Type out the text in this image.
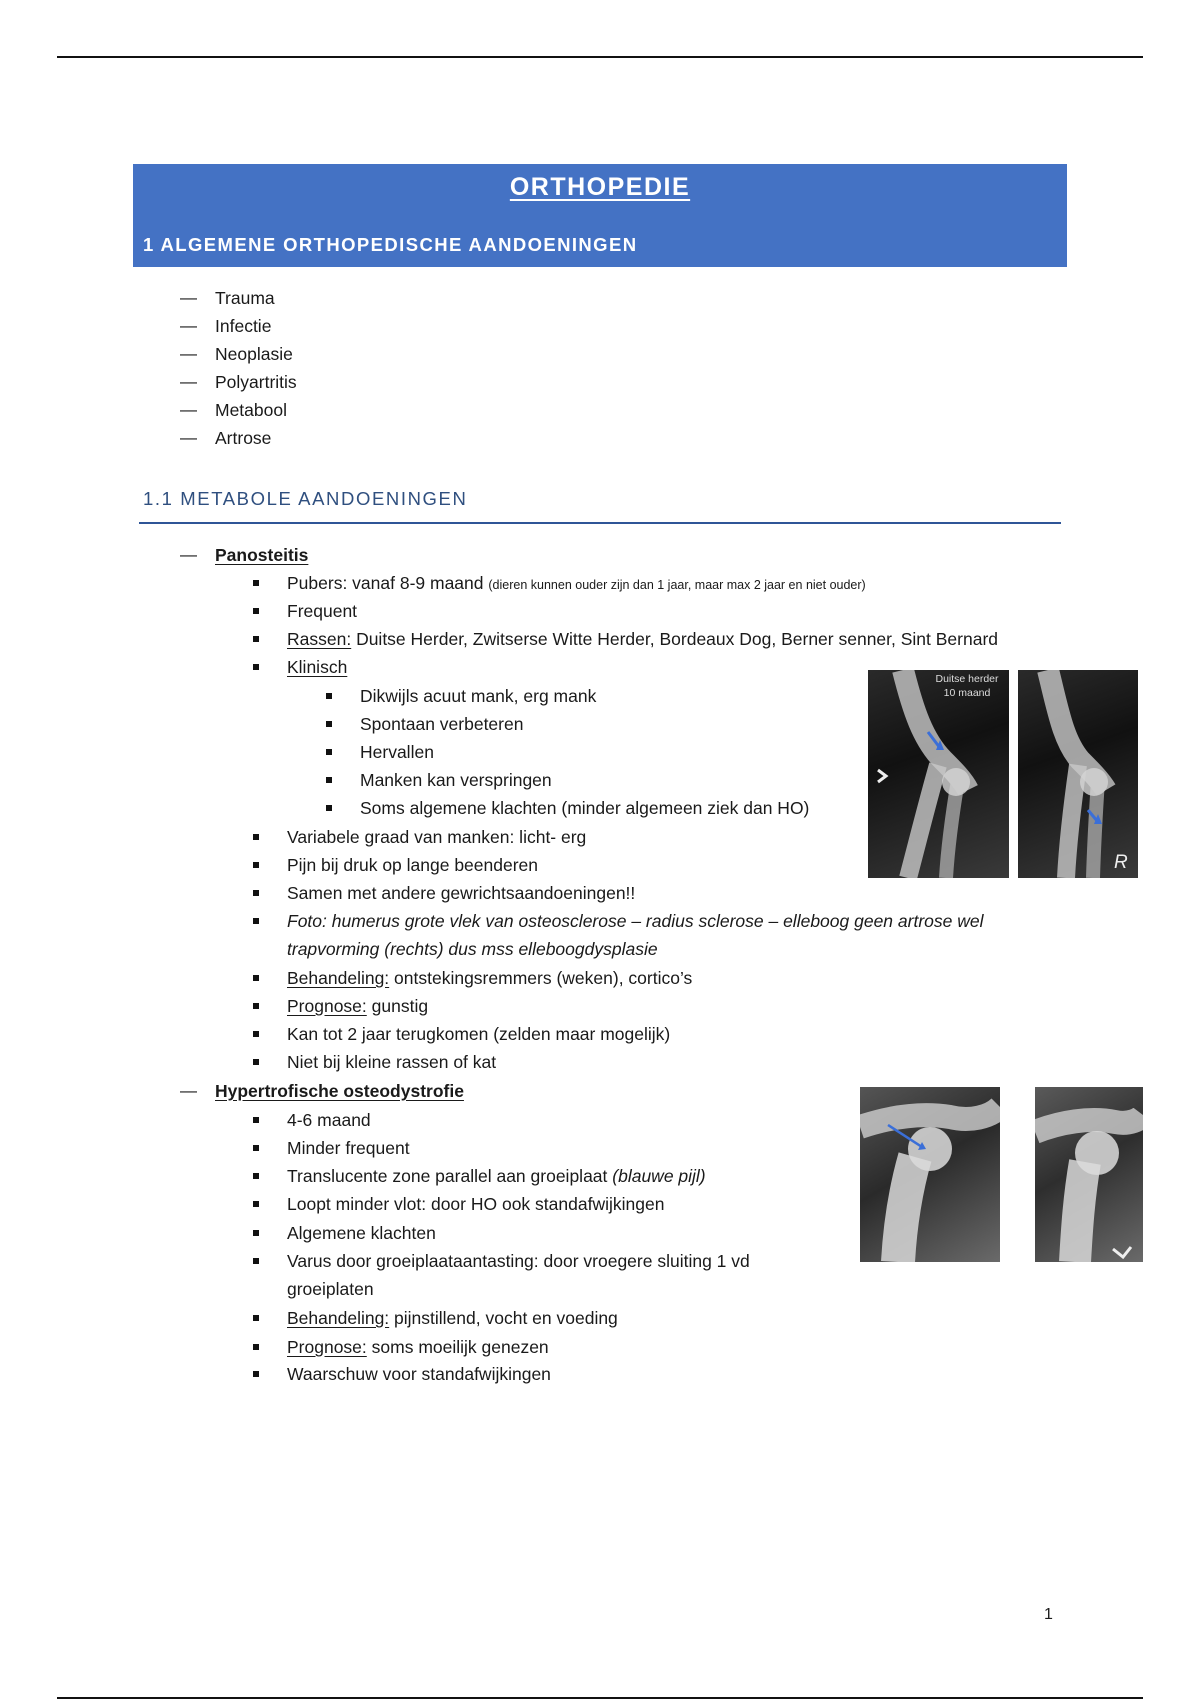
ORTHOPEDIE
1 ALGEMENE ORTHOPEDISCHE AANDOENINGEN
— Trauma
— Infectie
— Neoplasie
— Polyartritis
— Metabool
— Artrose
1.1 METABOLE AANDOENINGEN
— Panosteitis
Pubers: vanaf 8-9 maand (dieren kunnen ouder zijn dan 1 jaar, maar max 2 jaar en niet ouder)
Frequent
Rassen: Duitse Herder, Zwitserse Witte Herder, Bordeaux Dog, Berner senner, Sint Bernard
Klinisch
Dikwijls acuut mank, erg mank
Spontaan verbeteren
Hervallen
Manken kan verspringen
Soms algemene klachten (minder algemeen ziek dan HO)
Variabele graad van manken: licht- erg
Pijn bij druk op lange beenderen
Samen met andere gewrichtsaandoeningen!!
Foto: humerus grote vlek van osteosclerose – radius sclerose – elleboog geen artrose wel
trapvorming (rechts) dus mss elleboogdysplasie
Behandeling: ontstekingsremmers (weken), cortico’s
Prognose: gunstig
Kan tot 2 jaar terugkomen (zelden maar mogelijk)
Niet bij kleine rassen of kat
Duitse herder
10 maand
R
— Hypertrofische osteodystrofie
4-6 maand
Minder frequent
Translucente zone parallel aan groeiplaat (blauwe pijl)
Loopt minder vlot: door HO ook standafwijkingen
Algemene klachten
Varus door groeiplaataantasting: door vroegere sluiting 1 vd
groeiplaten
Behandeling: pijnstillend, vocht en voeding
Prognose: soms moeilijk genezen
Waarschuw voor standafwijkingen
1
